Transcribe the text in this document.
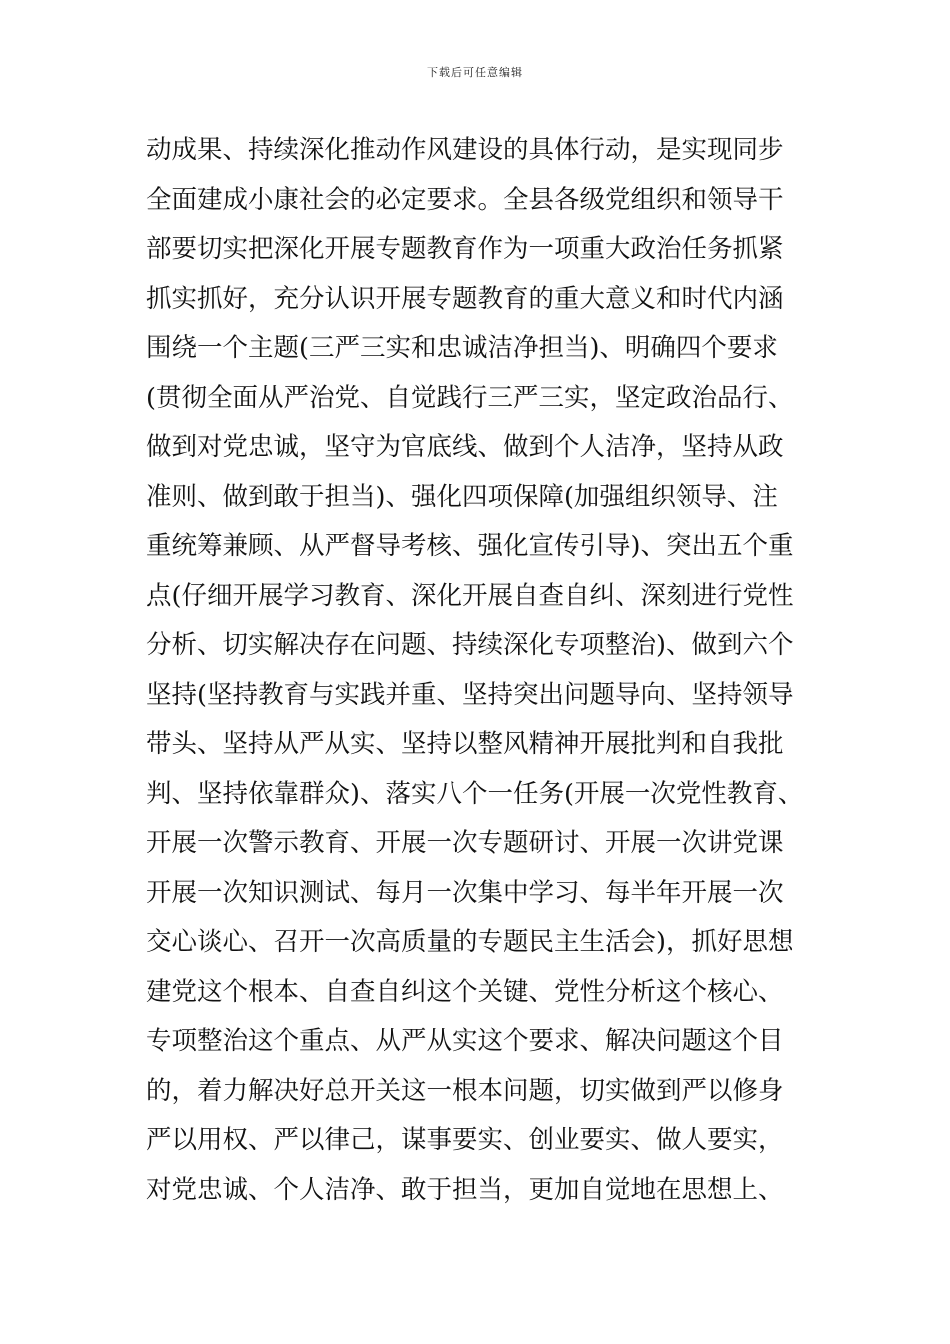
下载后可任意编辑
动成果、持续深化推动作风建设的具体行动，是实现同步
全面建成小康社会的必定要求。全县各级党组织和领导干
部要切实把深化开展专题教育作为一项重大政治任务抓紧
抓实抓好，充分认识开展专题教育的重大意义和时代内涵
围绕一个主题(三严三实和忠诚洁净担当)、明确四个要求
(贯彻全面从严治党、自觉践行三严三实，坚定政治品行、
做到对党忠诚，坚守为官底线、做到个人洁净，坚持从政
准则、做到敢于担当)、强化四项保障(加强组织领导、注
重统筹兼顾、从严督导考核、强化宣传引导)、突出五个重
点(仔细开展学习教育、深化开展自查自纠、深刻进行党性
分析、切实解决存在问题、持续深化专项整治)、做到六个
坚持(坚持教育与实践并重、坚持突出问题导向、坚持领导
带头、坚持从严从实、坚持以整风精神开展批判和自我批
判、坚持依靠群众)、落实八个一任务(开展一次党性教育、
开展一次警示教育、开展一次专题研讨、开展一次讲党课
开展一次知识测试、每月一次集中学习、每半年开展一次
交心谈心、召开一次高质量的专题民主生活会)，抓好思想
建党这个根本、自查自纠这个关键、党性分析这个核心、
专项整治这个重点、从严从实这个要求、解决问题这个目
的，着力解决好总开关这一根本问题，切实做到严以修身
严以用权、严以律己，谋事要实、创业要实、做人要实，
对党忠诚、个人洁净、敢于担当，更加自觉地在思想上、
